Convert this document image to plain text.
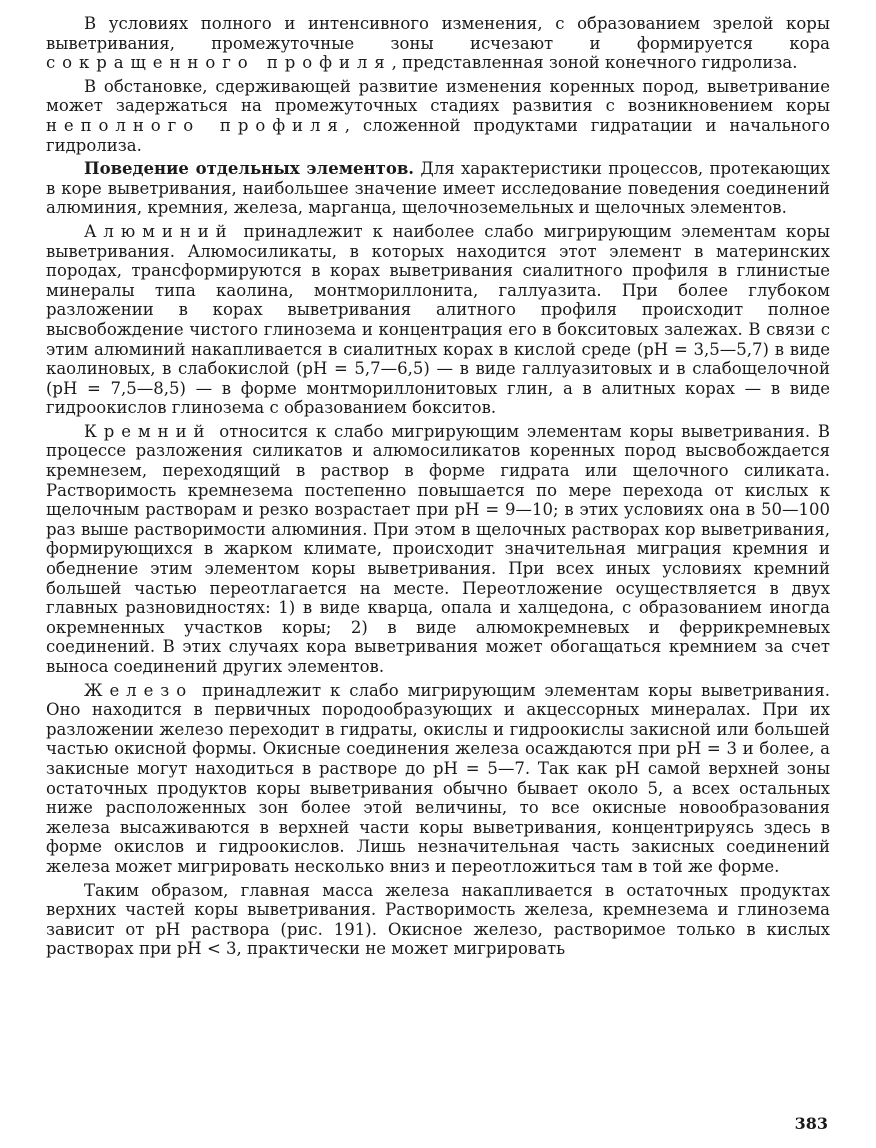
В условиях полного и интенсивного изменения, с образованием зрелой коры выветривания, промежуточные зоны исчезают и формируется кора сокращенного профиля, представленная зоной конечного гидролиза.

В обстановке, сдерживающей развитие изменения коренных пород, выветривание может задержаться на промежуточных стадиях развития с возникновением коры неполного профиля, сложенной продуктами гидратации и начального гидролиза.

Поведение отдельных элементов. Для характеристики процессов, протекающих в коре выветривания, наибольшее значение имеет исследование поведения соединений алюминия, кремния, железа, марганца, щелочноземельных и щелочных элементов.

Алюминий принадлежит к наиболее слабо мигрирующим элементам коры выветривания. Алюмосиликаты, в которых находится этот элемент в материнских породах, трансформируются в корах выветривания сиалитного профиля в глинистые минералы типа каолина, монтмориллонита, галлуазита. При более глубоком разложении в корах выветривания алитного профиля происходит полное высвобождение чистого глинозема и концентрация его в бокситовых залежах. В связи с этим алюминий накапливается в сиалитных корах в кислой среде (рН = 3,5—5,7) в виде каолиновых, в слабокислой (рН = 5,7—6,5) — в виде галлуазитовых и в слабощелочной (рН = 7,5—8,5) — в форме монтмориллонитовых глин, а в алитных корах — в виде гидроокислов глинозема с образованием бокситов.

Кремний относится к слабо мигрирующим элементам коры выветривания. В процессе разложения силикатов и алюмосиликатов коренных пород высвобождается кремнезем, переходящий в раствор в форме гидрата или щелочного силиката. Растворимость кремнезема постепенно повышается по мере перехода от кислых к щелочным растворам и резко возрастает при рН = 9—10; в этих условиях она в 50—100 раз выше растворимости алюминия. При этом в щелочных растворах кор выветривания, формирующихся в жарком климате, происходит значительная миграция кремния и обеднение этим элементом коры выветривания. При всех иных условиях кремний большей частью переотлагается на месте. Переотложение осуществляется в двух главных разновидностях: 1) в виде кварца, опала и халцедона, с образованием иногда окремненных участков коры; 2) в виде алюмокремневых и феррикремневых соединений. В этих случаях кора выветривания может обогащаться кремнием за счет выноса соединений других элементов.

Железо принадлежит к слабо мигрирующим элементам коры выветривания. Оно находится в первичных породообразующих и акцессорных минералах. При их разложении железо переходит в гидраты, окислы и гидроокислы закисной или большей частью окисной формы. Окисные соединения железа осаждаются при рН = 3 и более, а закисные могут находиться в растворе до рН = 5—7. Так как рН самой верхней зоны остаточных продуктов коры выветривания обычно бывает около 5, а всех остальных ниже расположенных зон более этой величины, то все окисные новообразования железа высаживаются в верхней части коры выветривания, концентрируясь здесь в форме окислов и гидроокислов. Лишь незначительная часть закисных соединений железа может мигрировать несколько вниз и переотложиться там в той же форме.

Таким образом, главная масса железа накапливается в остаточных продуктах верхних частей коры выветривания. Растворимость железа, кремнезема и глинозема зависит от рН раствора (рис. 191). Окисное железо, растворимое только в кислых растворах при рН < 3, практически не может мигрировать

383
